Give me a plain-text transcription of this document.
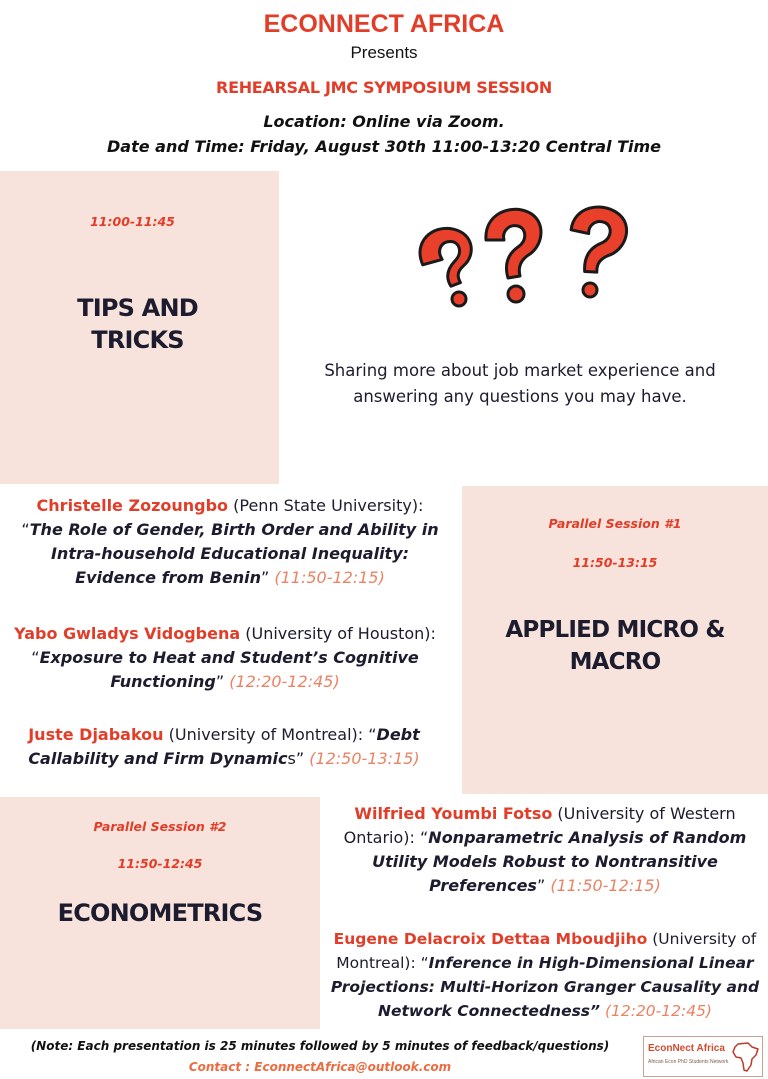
ECONNECT AFRICA
Presents
REHEARSAL JMC SYMPOSIUM SESSION
Location: Online via Zoom.
Date and Time: Friday, August 30th 11:00-13:20 Central Time
11:00-11:45
TIPS AND
TRICKS
Sharing more about job market experience and
answering any questions you may have.
Parallel Session #1
11:50-13:15
APPLIED MICRO &
MACRO
Christelle Zozoungbo (Penn State University):
“The Role of Gender, Birth Order and Ability in
Intra-household Educational Inequality:
Evidence from Benin” (11:50-12:15)
Yabo Gwladys Vidogbena (University of Houston):
“Exposure to Heat and Student’s Cognitive
Functioning” (12:20-12:45)
Juste Djabakou (University of Montreal): “Debt
Callability and Firm Dynamics” (12:50-13:15)
Parallel Session #2
11:50-12:45
ECONOMETRICS
Wilfried Youmbi Fotso (University of Western
Ontario): “Nonparametric Analysis of Random
Utility Models Robust to Nontransitive
Preferences” (11:50-12:15)
Eugene Delacroix Dettaa Mboudjiho (University of
Montreal): “Inference in High-Dimensional Linear
Projections: Multi-Horizon Granger Causality and
Network Connectedness” (12:20-12:45)
(Note: Each presentation is 25 minutes followed by 5 minutes of feedback/questions)
Contact : EconnectAfrica@outlook.com
EconNect Africa
African Econ PhD Students Network
